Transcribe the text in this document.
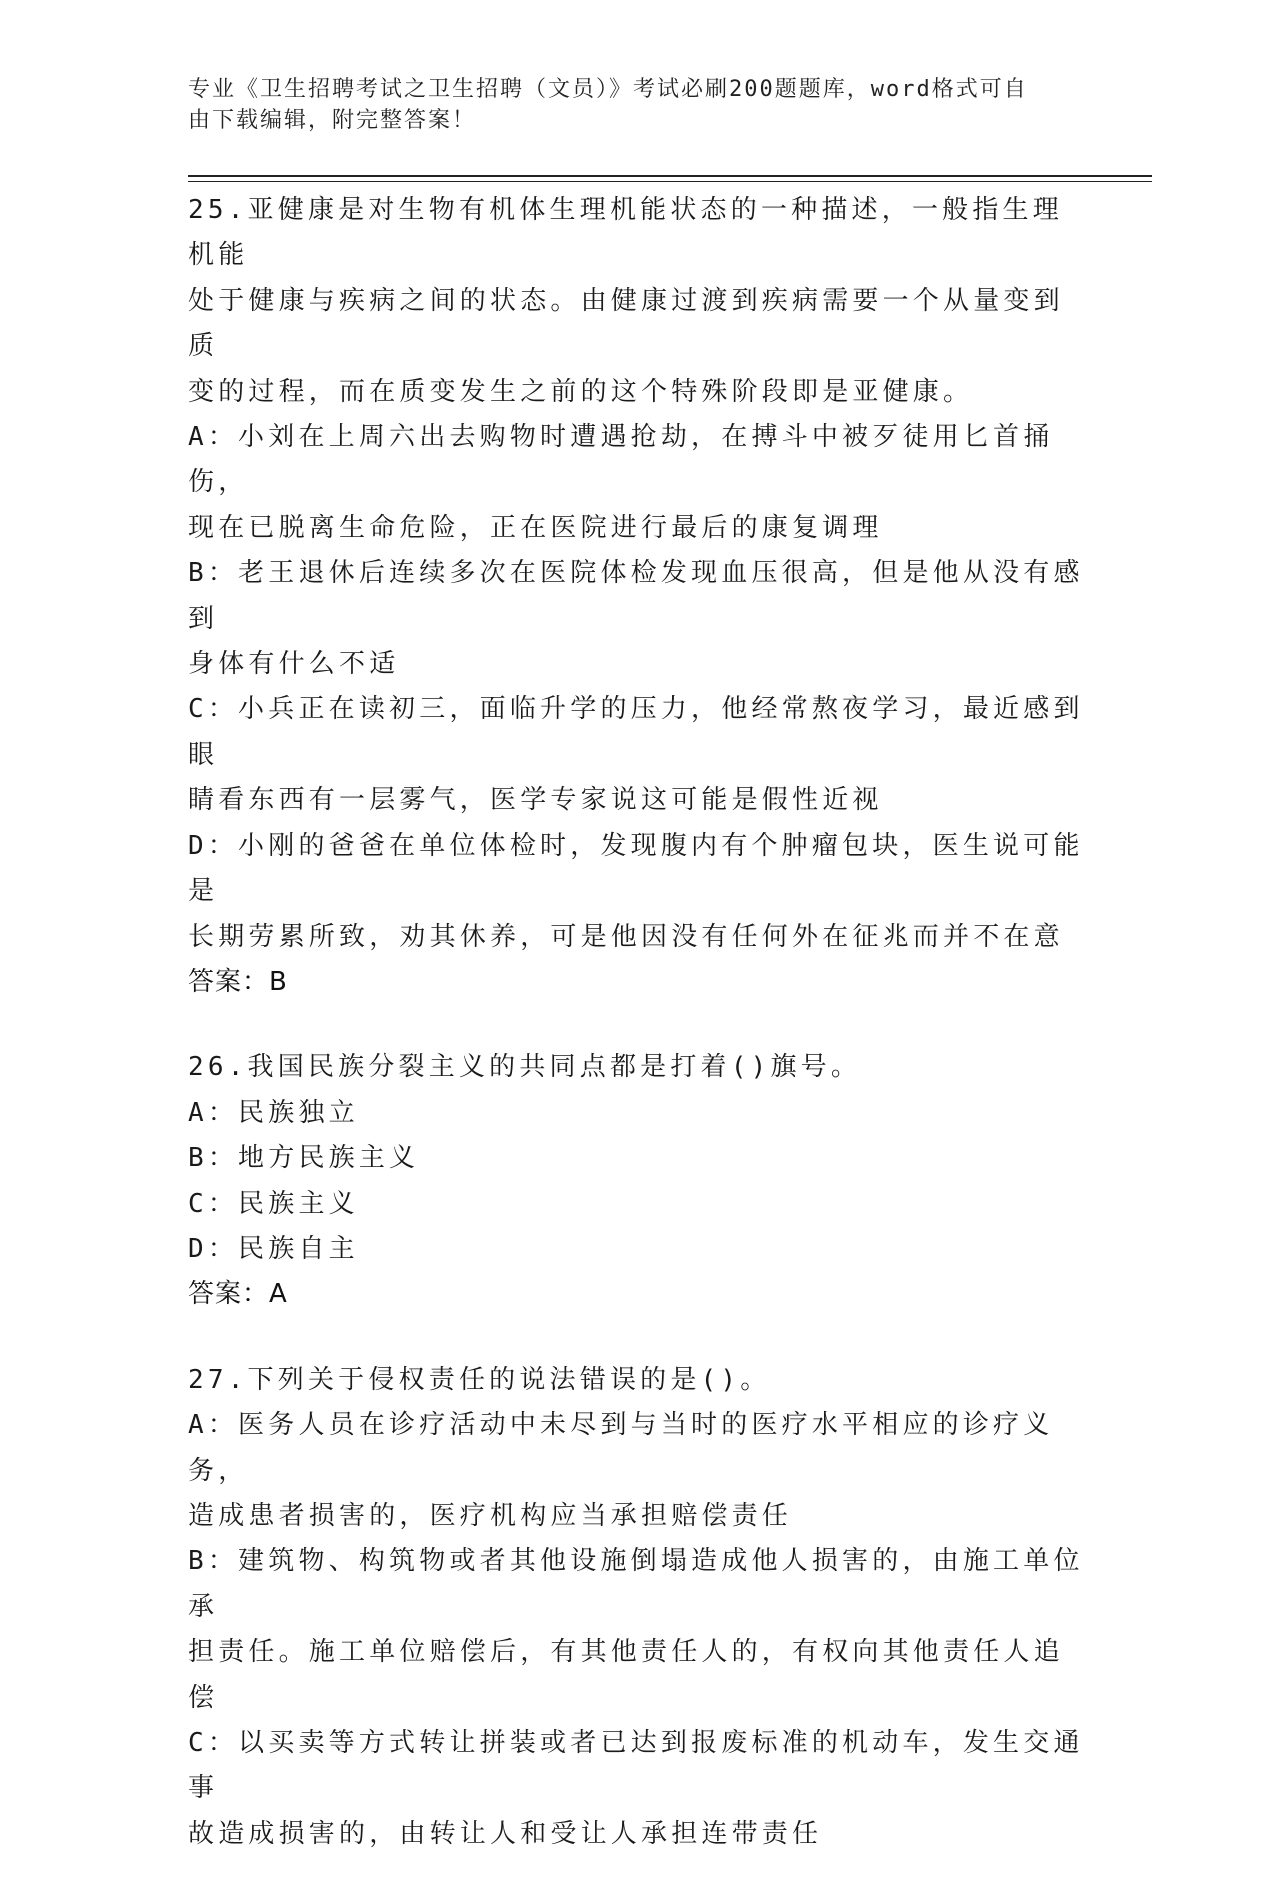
专业《卫生招聘考试之卫生招聘（文员）》考试必刷200题题库，word格式可自
由下载编辑，附完整答案！
25.亚健康是对生物有机体生理机能状态的一种描述，一般指生理机能
处于健康与疾病之间的状态。由健康过渡到疾病需要一个从量变到质
变的过程，而在质变发生之前的这个特殊阶段即是亚健康。
A：小刘在上周六出去购物时遭遇抢劫，在搏斗中被歹徒用匕首捅伤，
现在已脱离生命危险，正在医院进行最后的康复调理
B：老王退休后连续多次在医院体检发现血压很高，但是他从没有感到
身体有什么不适
C：小兵正在读初三，面临升学的压力，他经常熬夜学习，最近感到眼
睛看东西有一层雾气，医学专家说这可能是假性近视
D：小刚的爸爸在单位体检时，发现腹内有个肿瘤包块，医生说可能是
长期劳累所致，劝其休养，可是他因没有任何外在征兆而并不在意
答案：B
26.我国民族分裂主义的共同点都是打着()旗号。
A：民族独立
B：地方民族主义
C：民族主义
D：民族自主
答案：A
27.下列关于侵权责任的说法错误的是()。
A：医务人员在诊疗活动中未尽到与当时的医疗水平相应的诊疗义务，
造成患者损害的，医疗机构应当承担赔偿责任
B：建筑物、构筑物或者其他设施倒塌造成他人损害的，由施工单位承
担责任。施工单位赔偿后，有其他责任人的，有权向其他责任人追偿
C：以买卖等方式转让拼装或者已达到报废标准的机动车，发生交通事
故造成损害的，由转让人和受让人承担连带责任
